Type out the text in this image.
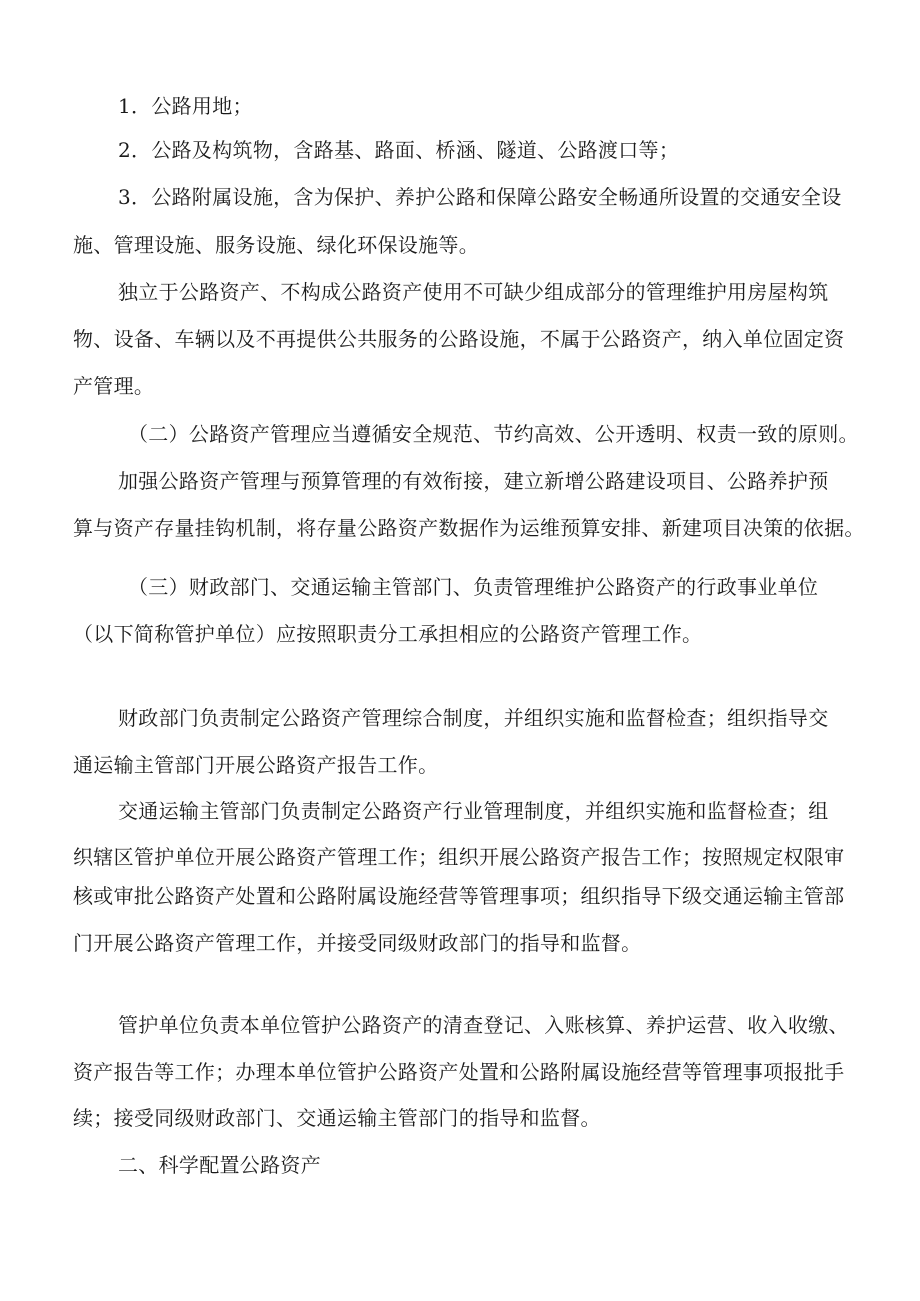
1．公路用地；
2．公路及构筑物，含路基、路面、桥涵、隧道、公路渡口等；
3．公路附属设施，含为保护、养护公路和保障公路安全畅通所设置的交通安全设
施、管理设施、服务设施、绿化环保设施等。
独立于公路资产、不构成公路资产使用不可缺少组成部分的管理维护用房屋构筑
物、设备、车辆以及不再提供公共服务的公路设施，不属于公路资产，纳入单位固定资
产管理。
（二）公路资产管理应当遵循安全规范、节约高效、公开透明、权责一致的原则。
加强公路资产管理与预算管理的有效衔接，建立新增公路建设项目、公路养护预
算与资产存量挂钩机制，将存量公路资产数据作为运维预算安排、新建项目决策的依据。
（三）财政部门、交通运输主管部门、负责管理维护公路资产的行政事业单位
（以下简称管护单位）应按照职责分工承担相应的公路资产管理工作。
财政部门负责制定公路资产管理综合制度，并组织实施和监督检查；组织指导交
通运输主管部门开展公路资产报告工作。
交通运输主管部门负责制定公路资产行业管理制度，并组织实施和监督检查；组
织辖区管护单位开展公路资产管理工作；组织开展公路资产报告工作；按照规定权限审
核或审批公路资产处置和公路附属设施经营等管理事项；组织指导下级交通运输主管部
门开展公路资产管理工作，并接受同级财政部门的指导和监督。
管护单位负责本单位管护公路资产的清查登记、入账核算、养护运营、收入收缴、
资产报告等工作；办理本单位管护公路资产处置和公路附属设施经营等管理事项报批手
续；接受同级财政部门、交通运输主管部门的指导和监督。
二、科学配置公路资产
